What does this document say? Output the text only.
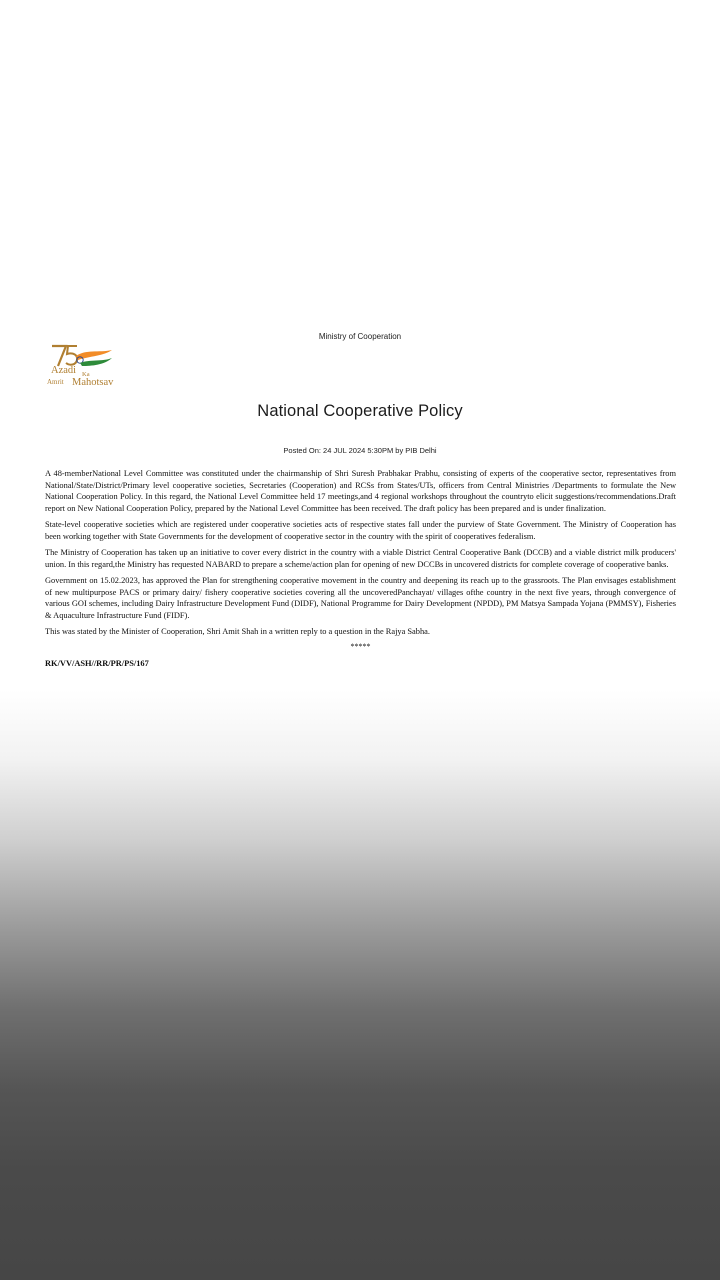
Ministry of Cooperation
Azadi Ka
Amrit Mahotsav
National Cooperative Policy
Posted On: 24 JUL 2024 5:30PM by PIB Delhi

A 48-memberNational Level Committee was constituted under the chairmanship of Shri Suresh Prabhakar Prabhu, consisting of experts of the cooperative sector, representatives from National/State/District/Primary level cooperative societies, Secretaries (Cooperation) and RCSs from States/UTs, officers from Central Ministries /Departments to formulate the New National Cooperation Policy. In this regard, the National Level Committee held 17 meetings,and 4 regional workshops throughout the countryto elicit suggestions/recommendations.Draft report on New National Cooperation Policy, prepared by the National Level Committee has been received. The draft policy has been prepared and is under finalization.

State-level cooperative societies which are registered under cooperative societies acts of respective states fall under the purview of State Government. The Ministry of Cooperation has been working together with State Governments for the development of cooperative sector in the country with the spirit of cooperatives federalism.

The Ministry of Cooperation has taken up an initiative to cover every district in the country with a viable District Central Cooperative Bank (DCCB) and a viable district milk producers' union. In this regard,the Ministry has requested NABARD to prepare a scheme/action plan for opening of new DCCBs in uncovered districts for complete coverage of cooperative banks.

Government on 15.02.2023, has approved the Plan for strengthening cooperative movement in the country and deepening its reach up to the grassroots. The Plan envisages establishment of new multipurpose PACS or primary dairy/ fishery cooperative societies covering all the uncoveredPanchayat/ villages ofthe country in the next five years, through convergence of various GOI schemes, including Dairy Infrastructure Development Fund (DIDF), National Programme for Dairy Development (NPDD), PM Matsya Sampada Yojana (PMMSY), Fisheries & Aquaculture Infrastructure Fund (FIDF).

This was stated by the Minister of Cooperation, Shri Amit Shah in a written reply to a question in the Rajya Sabha.

*****
RK/VV/ASH//RR/PR/PS/167
